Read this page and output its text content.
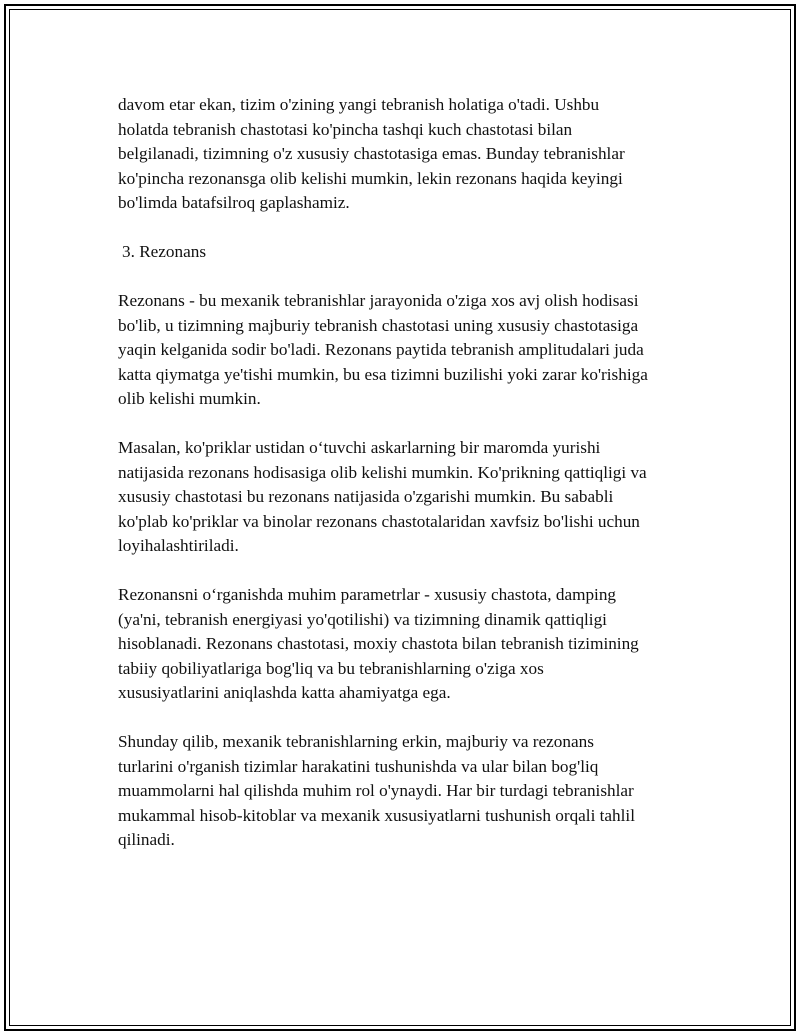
davom etar ekan, tizim o'zining yangi tebranish holatiga o'tadi. Ushbu
holatda tebranish chastotasi ko'pincha tashqi kuch chastotasi bilan
belgilanadi, tizimning o'z xususiy chastotasiga emas. Bunday tebranishlar
ko'pincha rezonansga olib kelishi mumkin, lekin rezonans haqida keyingi
bo'limda batafsilroq gaplashamiz.

3. Rezonans

Rezonans - bu mexanik tebranishlar jarayonida o'ziga xos avj olish hodisasi
bo'lib, u tizimning majburiy tebranish chastotasi uning xususiy chastotasiga
yaqin kelganida sodir bo'ladi. Rezonans paytida tebranish amplitudalari juda
katta qiymatga ye'tishi mumkin, bu esa tizimni buzilishi yoki zarar ko'rishiga
olib kelishi mumkin.

Masalan, ko'priklar ustidan o‘tuvchi askarlarning bir maromda yurishi
natijasida rezonans hodisasiga olib kelishi mumkin. Ko'prikning qattiqligi va
xususiy chastotasi bu rezonans natijasida o'zgarishi mumkin. Bu sababli
ko'plab ko'priklar va binolar rezonans chastotalaridan xavfsiz bo'lishi uchun
loyihalashtiriladi.

Rezonansni o‘rganishda muhim parametrlar - xususiy chastota, damping
(ya'ni, tebranish energiyasi yo'qotilishi) va tizimning dinamik qattiqligi
hisoblanadi. Rezonans chastotasi, moxiy chastota bilan tebranish tizimining
tabiiy qobiliyatlariga bog'liq va bu tebranishlarning o'ziga xos
xususiyatlarini aniqlashda katta ahamiyatga ega.

Shunday qilib, mexanik tebranishlarning erkin, majburiy va rezonans
turlarini o'rganish tizimlar harakatini tushunishda va ular bilan bog'liq
muammolarni hal qilishda muhim rol o'ynaydi. Har bir turdagi tebranishlar
mukammal hisob-kitoblar va mexanik xususiyatlarni tushunish orqali tahlil
qilinadi.
